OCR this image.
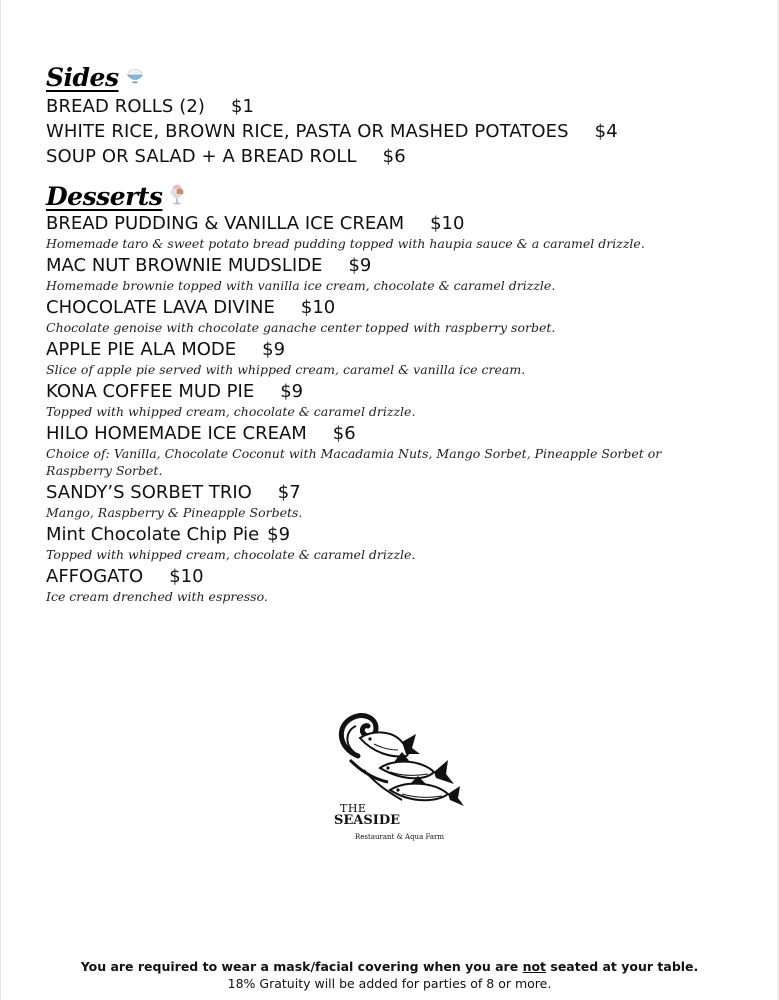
Sides
BREAD ROLLS (2) $1
WHITE RICE, BROWN RICE, PASTA OR MASHED POTATOES $4
SOUP OR SALAD + A BREAD ROLL $6
Desserts
BREAD PUDDING & VANILLA ICE CREAM $10
Homemade taro & sweet potato bread pudding topped with haupia sauce & a caramel drizzle.
MAC NUT BROWNIE MUDSLIDE $9
Homemade brownie topped with vanilla ice cream, chocolate & caramel drizzle.
CHOCOLATE LAVA DIVINE $10
Chocolate genoise with chocolate ganache center topped with raspberry sorbet.
APPLE PIE ALA MODE $9
Slice of apple pie served with whipped cream, caramel & vanilla ice cream.
KONA COFFEE MUD PIE $9
Topped with whipped cream, chocolate & caramel drizzle.
HILO HOMEMADE ICE CREAM $6
Choice of: Vanilla, Chocolate Coconut with Macadamia Nuts, Mango Sorbet, Pineapple Sorbet or Raspberry Sorbet.
SANDY’S SORBET TRIO $7
Mango, Raspberry & Pineapple Sorbets.
Mint Chocolate Chip Pie $9
Topped with whipped cream, chocolate & caramel drizzle.
AFFOGATO $10
Ice cream drenched with espresso.
THE
SEASIDE
Restaurant & Aqua Farm
You are required to wear a mask/facial covering when you are not seated at your table.
18% Gratuity will be added for parties of 8 or more.
